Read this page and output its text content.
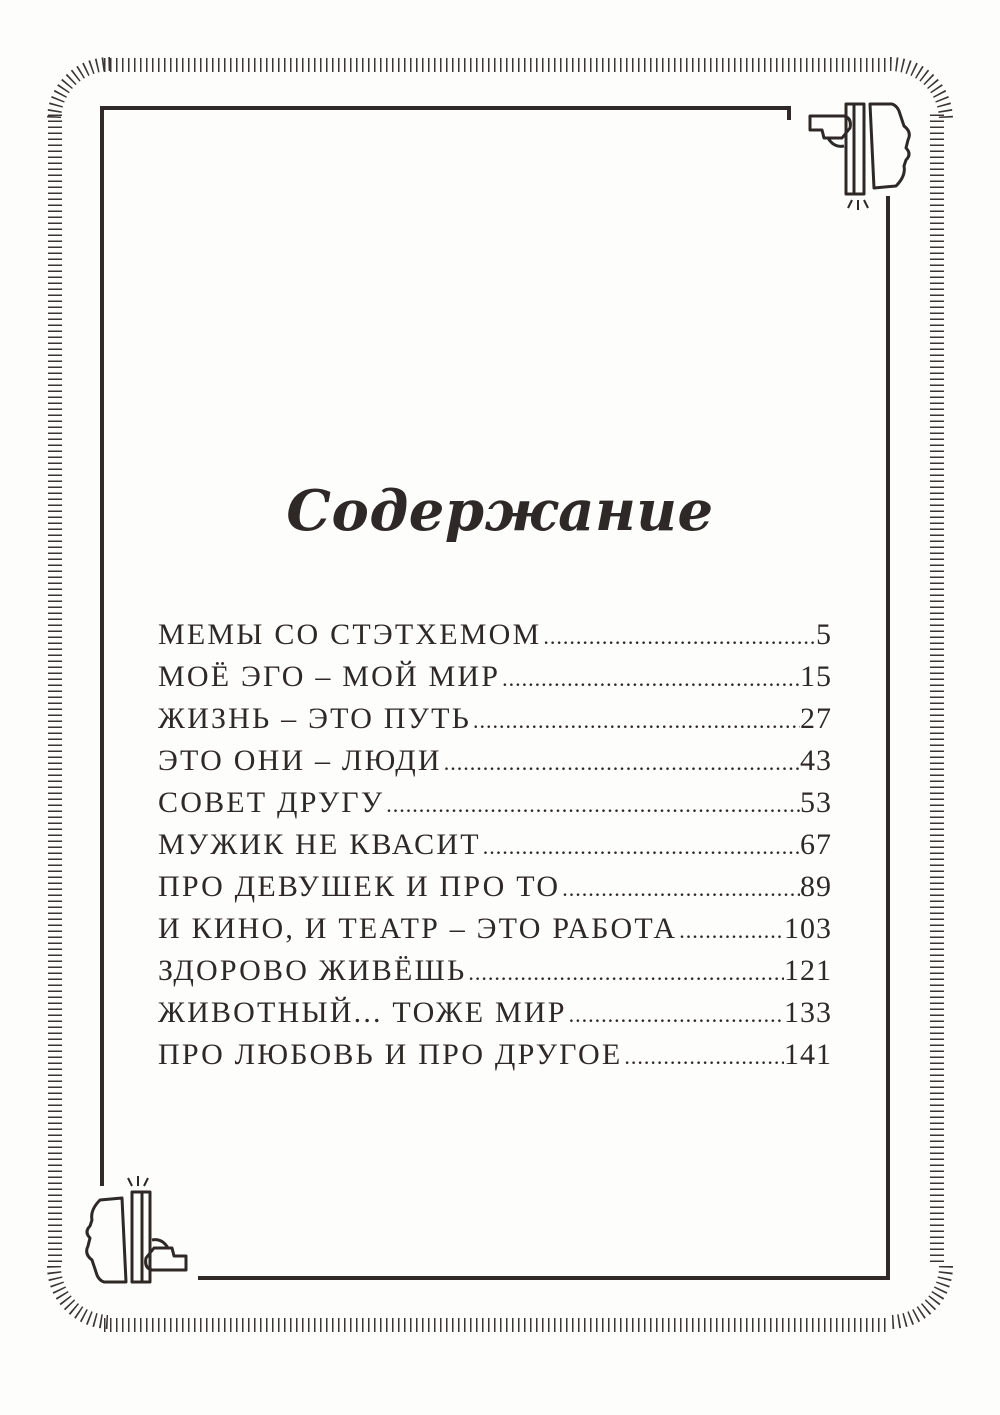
Содержание
МЕМЫ СО СТЭТХЕМОМ .....	5
МОЁ ЭГО – МОЙ МИР .....	15
ЖИЗНЬ – ЭТО ПУТЬ .....	27
ЭТО ОНИ – ЛЮДИ .....	43
СОВЕТ ДРУГУ .....	53
МУЖИК НЕ КВАСИТ .....	67
ПРО ДЕВУШЕК И ПРО ТО .....	89
И КИНО, И ТЕАТР – ЭТО РАБОТА .....	103
ЗДОРОВО ЖИВЁШЬ .....	121
ЖИВОТНЫЙ... ТОЖЕ МИР .....	133
ПРО ЛЮБОВЬ И ПРО ДРУГОЕ .....	141
